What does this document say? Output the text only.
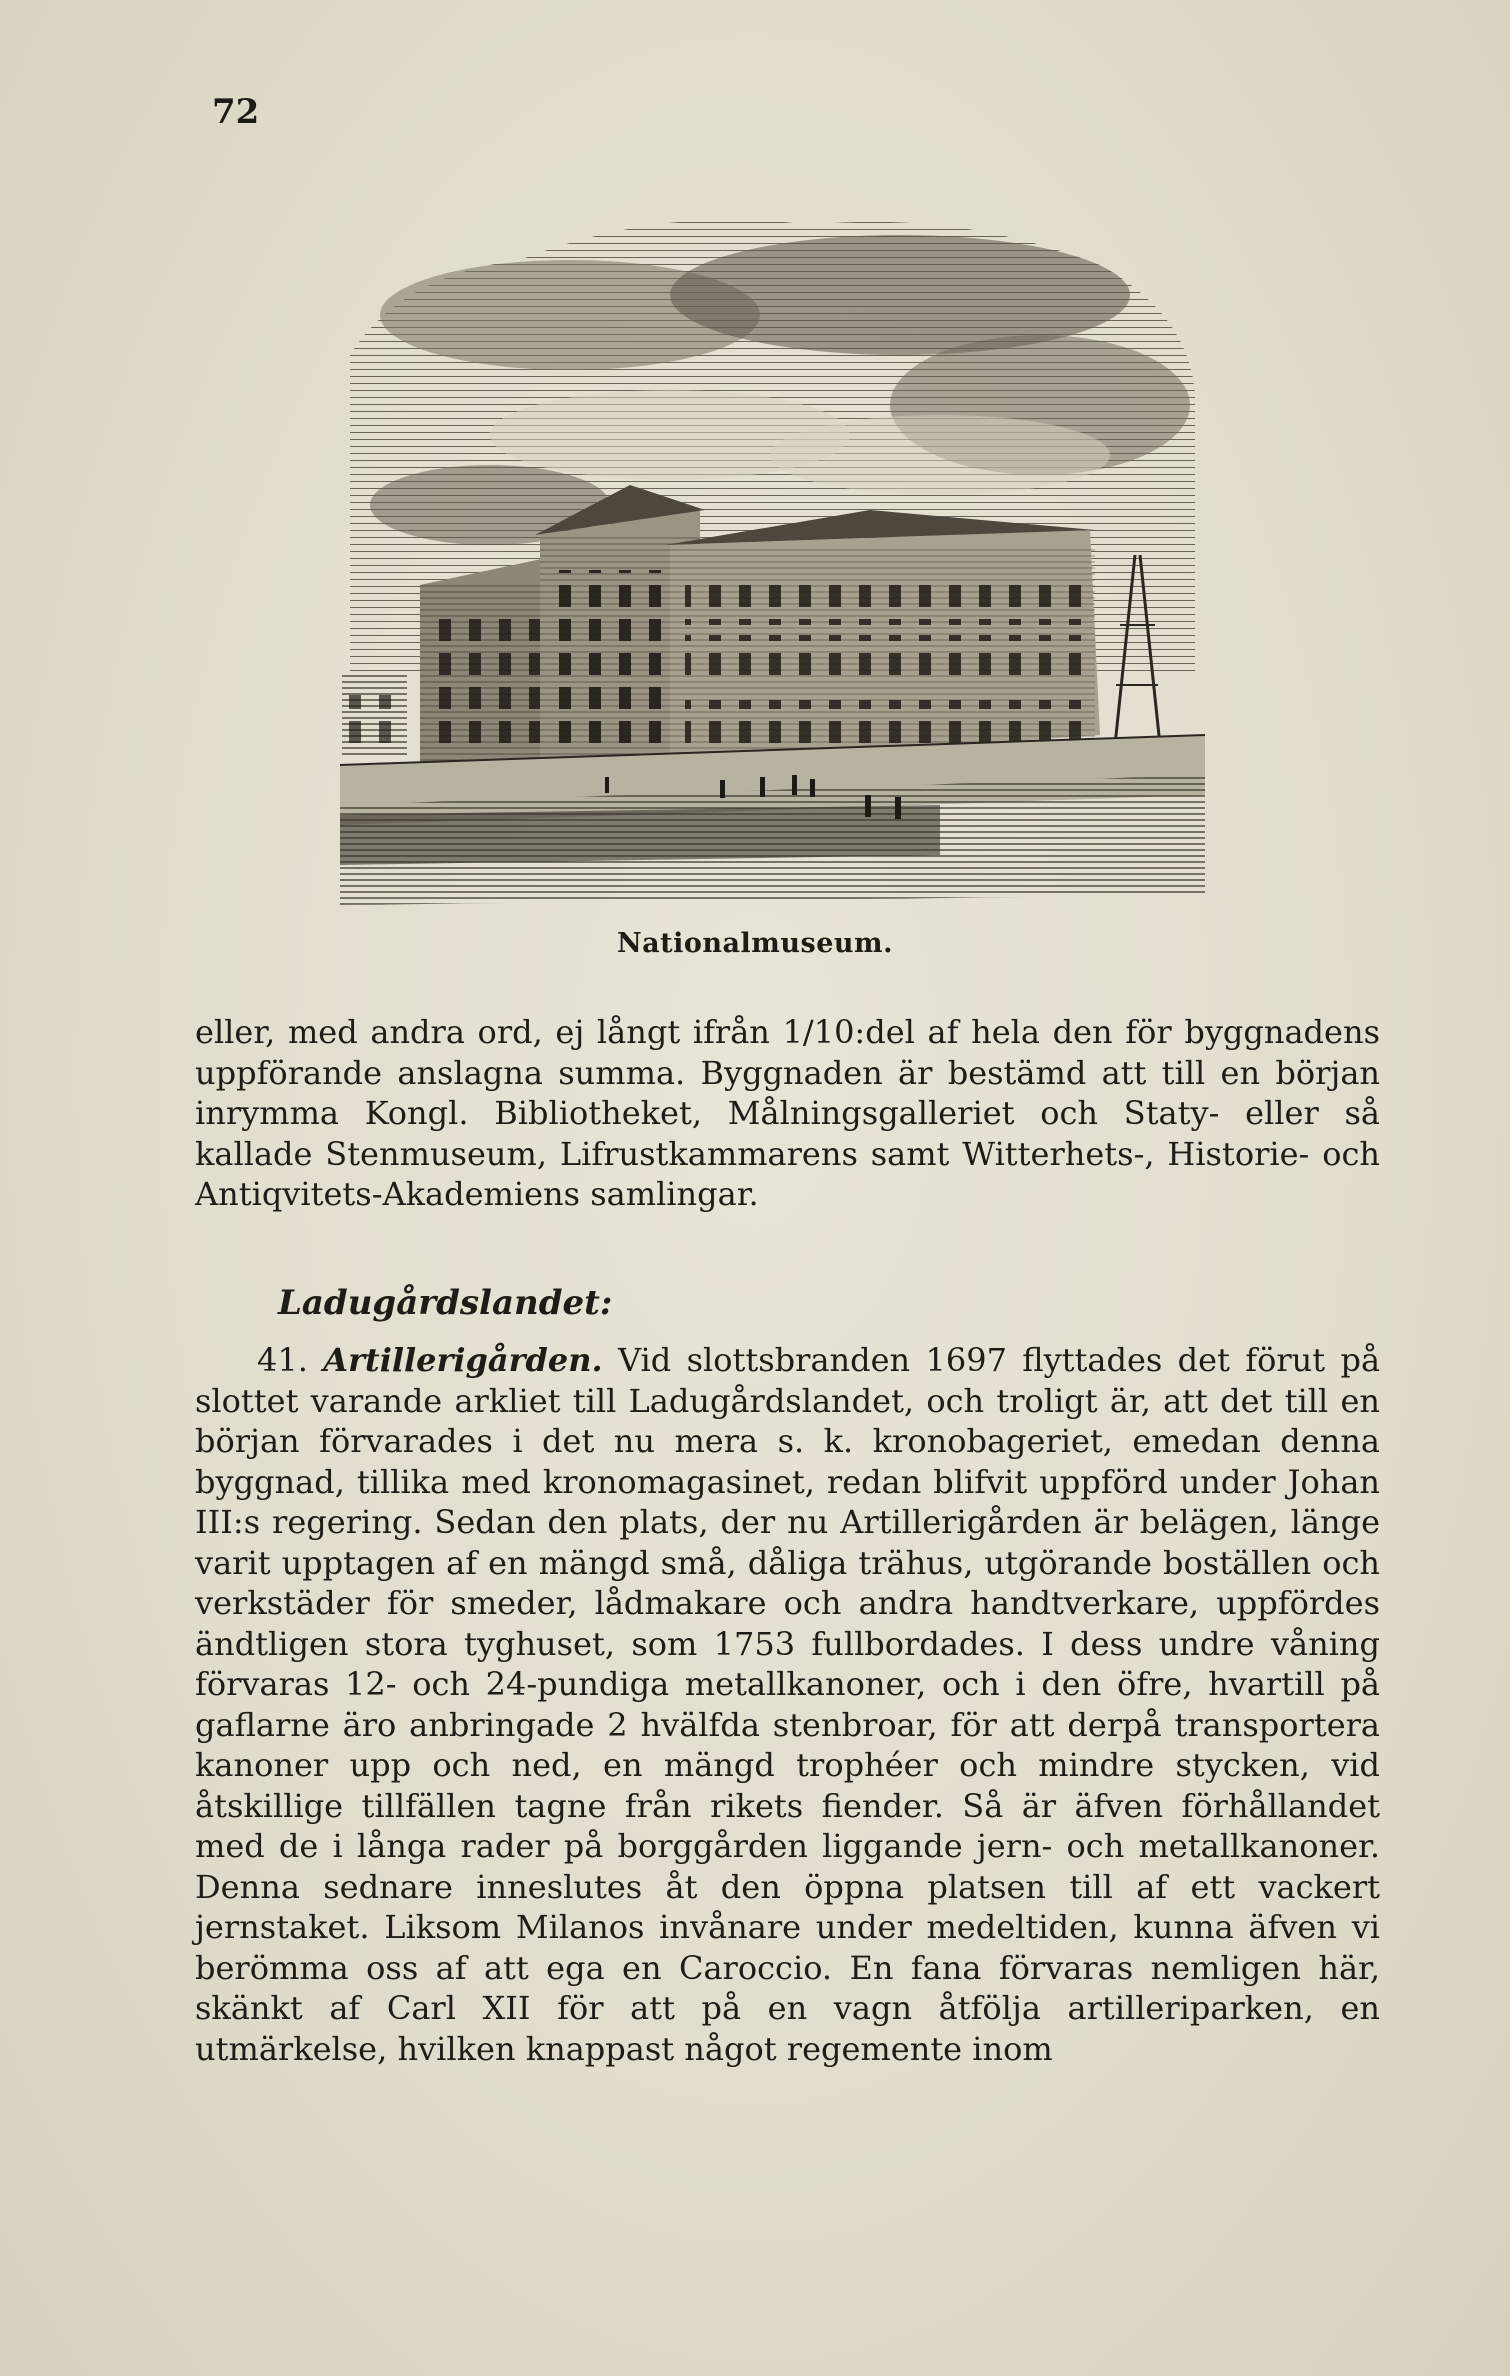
72
Nationalmuseum.
eller, med andra ord, ej långt ifrån 1/10:del af hela den för byggnadens uppförande anslagna summa. Byggnaden är bestämd att till en början inrymma Kongl. Bibliotheket, Målningsgalleriet och Staty- eller så kallade Stenmuseum, Lifrustkammarens samt Witterhets-, Historie- och Antiqvitets-Akademiens samlingar.
Ladugårdslandet:
41. Artillerigården. Vid slottsbranden 1697 flyttades det förut på slottet varande arkliet till Ladugårdslandet, och troligt är, att det till en början förvarades i det nu mera s. k. kronobageriet, emedan denna byggnad, tillika med kronomagasinet, redan blifvit uppförd under Johan III:s regering. Sedan den plats, der nu Artillerigården är belägen, länge varit upptagen af en mängd små, dåliga trähus, utgörande boställen och verkstäder för smeder, lådmakare och andra handtverkare, uppfördes ändtligen stora tyghuset, som 1753 fullbordades. I dess undre våning förvaras 12- och 24-pundiga metallkanoner, och i den öfre, hvartill på gaflarne äro anbringade 2 hvälfda stenbroar, för att derpå transportera kanoner upp och ned, en mängd trophéer och mindre stycken, vid åtskillige tillfällen tagne från rikets fiender. Så är äfven förhållandet med de i långa rader på borggården liggande jern- och metallkanoner. Denna sednare inneslutes åt den öppna platsen till af ett vackert jernstaket. Liksom Milanos invånare under medeltiden, kunna äfven vi berömma oss af att ega en Caroccio. En fana förvaras nemligen här, skänkt af Carl XII för att på en vagn åtfölja artilleriparken, en utmärkelse, hvilken knappast något regemente inom
